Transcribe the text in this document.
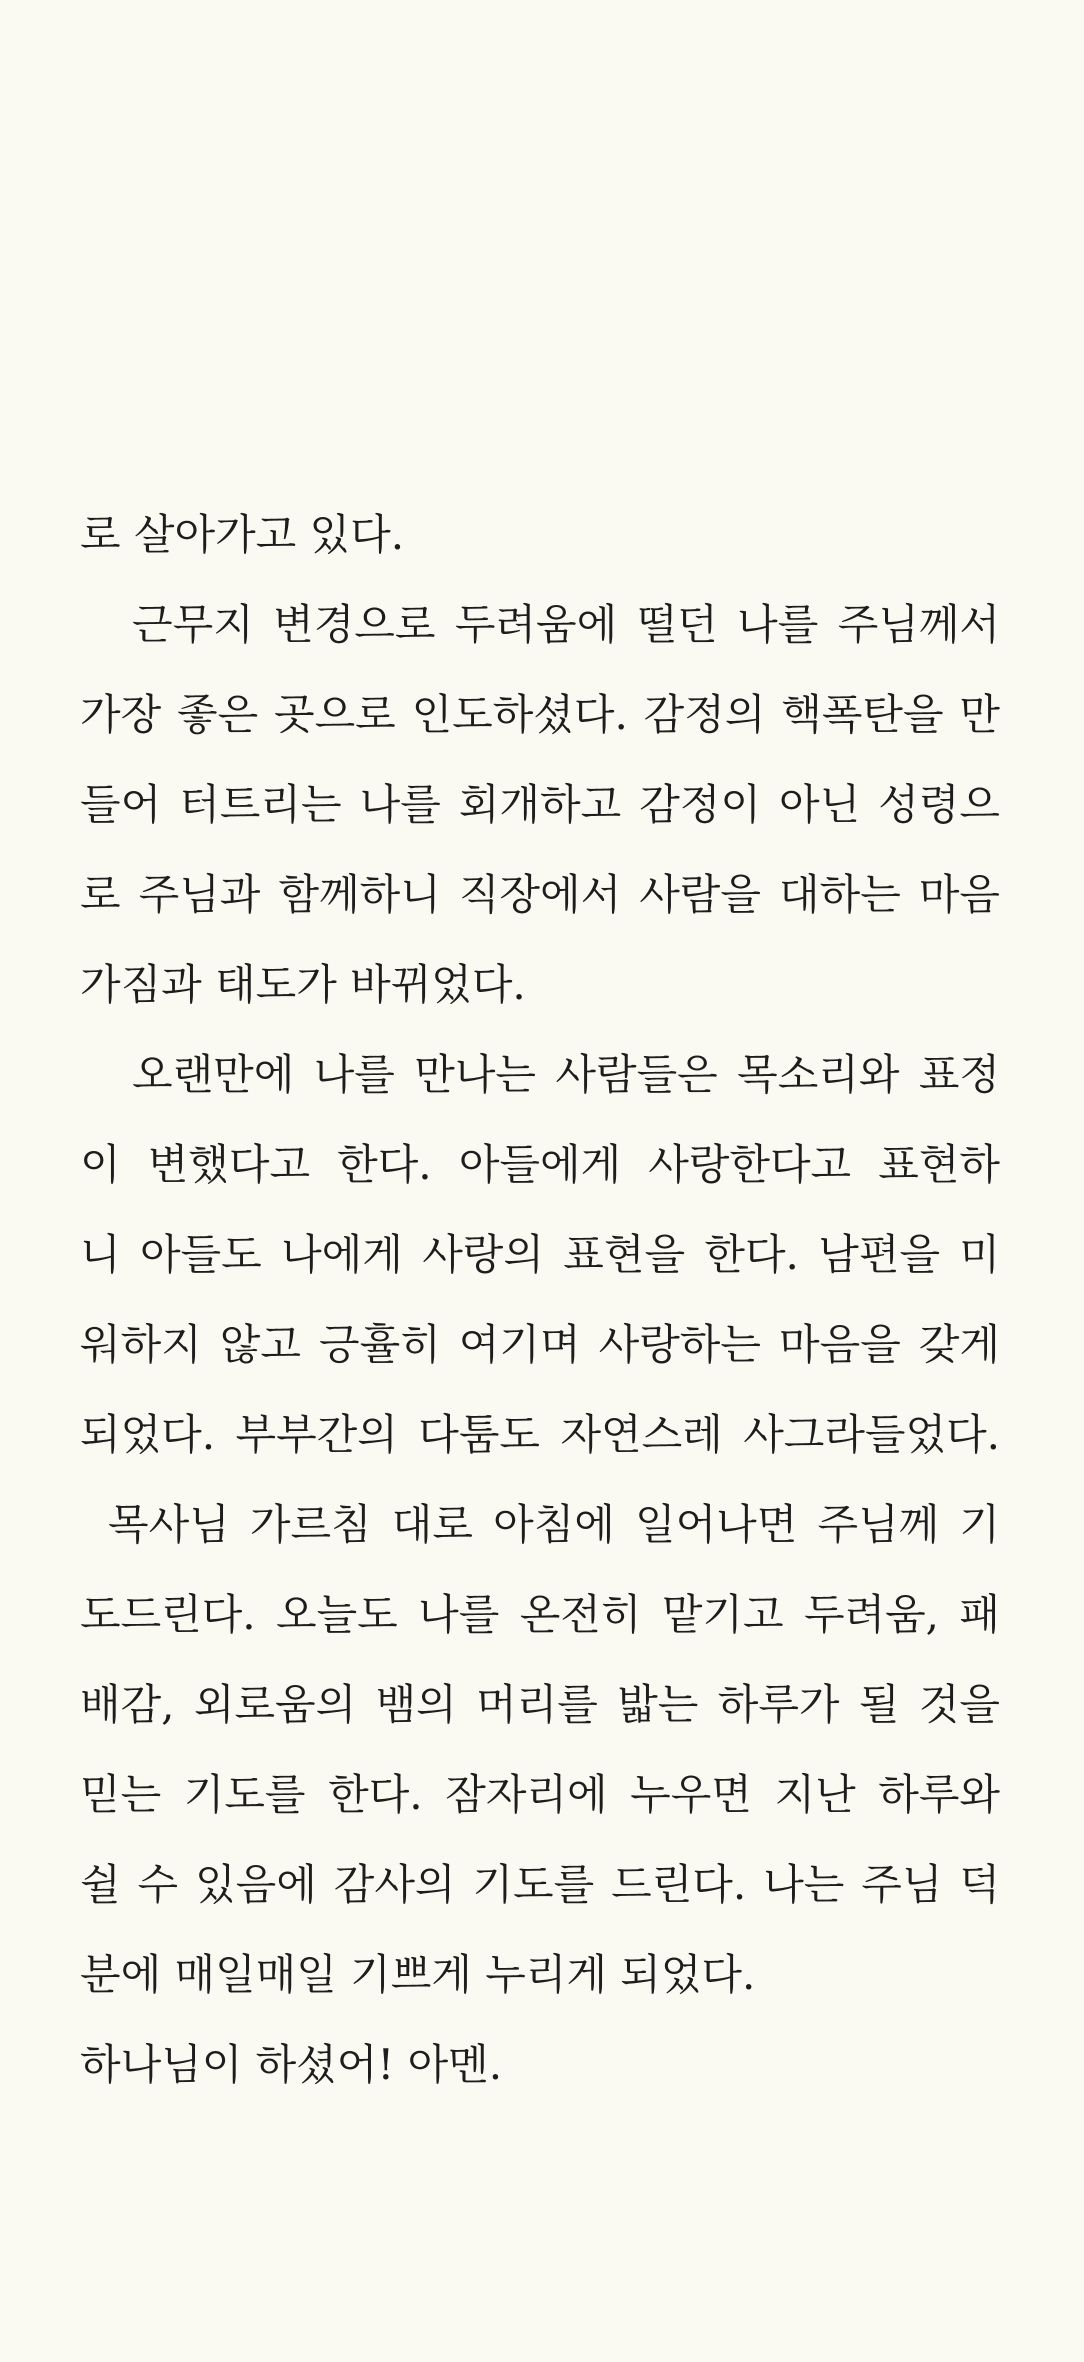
로 살아가고 있다.
근무지 변경으로 두려움에 떨던 나를 주님께서
가장 좋은 곳으로 인도하셨다. 감정의 핵폭탄을 만
들어 터트리는 나를 회개하고 감정이 아닌 성령으
로 주님과 함께하니 직장에서 사람을 대하는 마음
가짐과 태도가 바뀌었다.
오랜만에 나를 만나는 사람들은 목소리와 표정
이 변했다고 한다. 아들에게 사랑한다고 표현하
니 아들도 나에게 사랑의 표현을 한다. 남편을 미
워하지 않고 긍휼히 여기며 사랑하는 마음을 갖게
되었다. 부부간의 다툼도 자연스레 사그라들었다.
목사님 가르침 대로 아침에 일어나면 주님께 기
도드린다. 오늘도 나를 온전히 맡기고 두려움, 패
배감, 외로움의 뱀의 머리를 밟는 하루가 될 것을
믿는 기도를 한다. 잠자리에 누우면 지난 하루와
쉴 수 있음에 감사의 기도를 드린다. 나는 주님 덕
분에 매일매일 기쁘게 누리게 되었다.
하나님이 하셨어! 아멘.
